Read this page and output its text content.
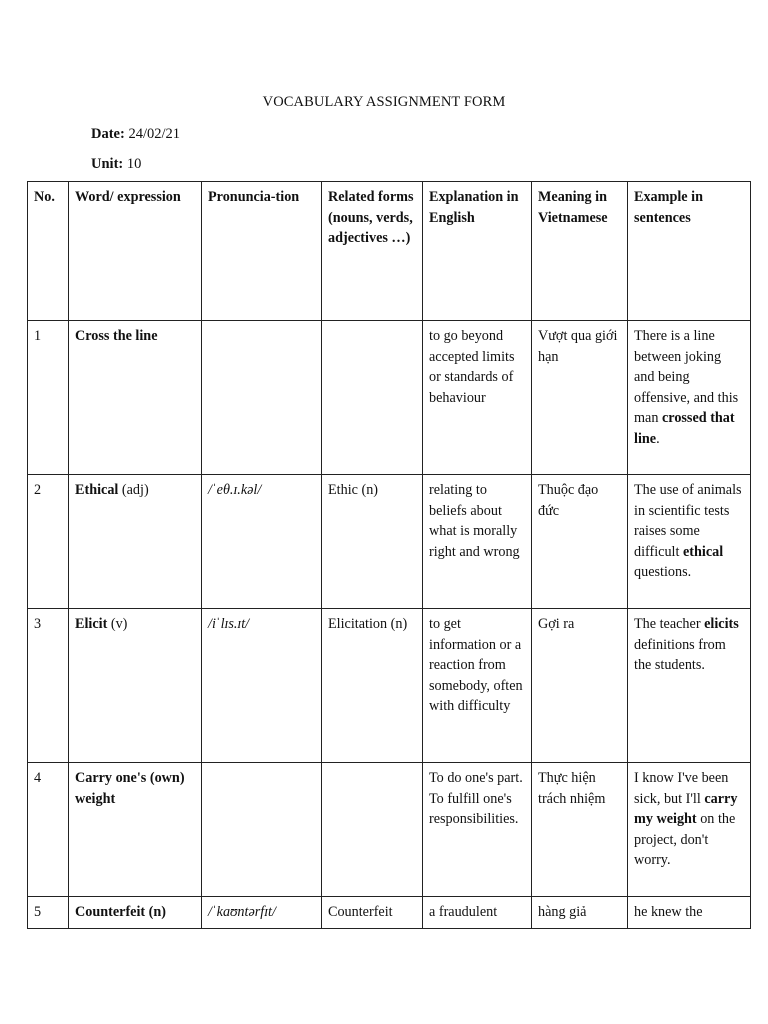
VOCABULARY ASSIGNMENT FORM
Date: 24/02/21
Unit: 10
No.	Word/ expression	Pronuncia-tion	Related forms (nouns, verds, adjectives …)	Explanation in English	Meaning in Vietnamese	Example in sentences
1	Cross the line			to go beyond accepted limits or standards of behaviour	Vượt qua giới hạn	There is a line between joking and being offensive, and this man crossed that line.
2	Ethical (adj)	/ˈeθ.ɪ.kəl/	Ethic (n)	relating to beliefs about what is morally right and wrong	Thuộc đạo đức	The use of animals in scientific tests raises some difficult ethical questions.
3	Elicit (v)	/iˈlɪs.ɪt/	Elicitation (n)	to get information or a reaction from somebody, often with difficulty	Gợi ra	The teacher elicits definitions from the students.
4	Carry one's (own) weight			To do one's part. To fulfill one's responsibilities.	Thực hiện trách nhiệm	I know I've been sick, but I'll carry my weight on the project, don't worry.
5	Counterfeit (n)	/ˈkaʊntərfɪt/	Counterfeit	a fraudulent	hàng giả	he knew the
